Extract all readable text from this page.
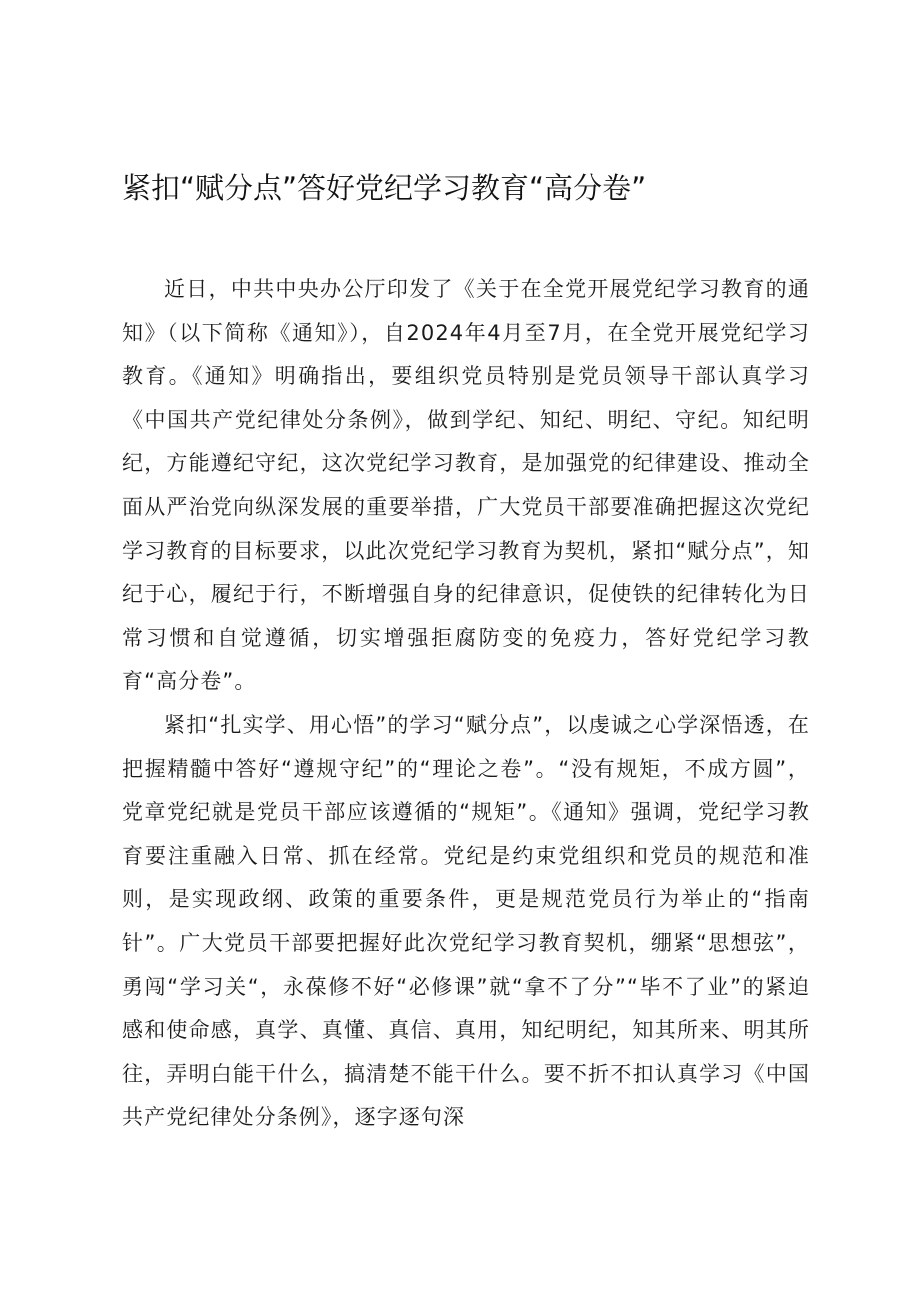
紧扣“赋分点”答好党纪学习教育“高分卷”

近日，中共中央办公厅印发了《关于在全党开展党纪学习教育的通知》（以下简称《通知》），自2024年4月至7月，在全党开展党纪学习教育。《通知》明确指出，要组织党员特别是党员领导干部认真学习《中国共产党纪律处分条例》，做到学纪、知纪、明纪、守纪。知纪明纪，方能遵纪守纪，这次党纪学习教育，是加强党的纪律建设、推动全面从严治党向纵深发展的重要举措，广大党员干部要准确把握这次党纪学习教育的目标要求，以此次党纪学习教育为契机，紧扣“赋分点”，知纪于心，履纪于行，不断增强自身的纪律意识，促使铁的纪律转化为日常习惯和自觉遵循，切实增强拒腐防变的免疫力，答好党纪学习教育“高分卷”。

紧扣“扎实学、用心悟”的学习“赋分点”，以虔诚之心学深悟透，在把握精髓中答好“遵规守纪”的“理论之卷”。“没有规矩，不成方圆”，党章党纪就是党员干部应该遵循的“规矩”。《通知》强调，党纪学习教育要注重融入日常、抓在经常。党纪是约束党组织和党员的规范和准则，是实现政纲、政策的重要条件，更是规范党员行为举止的“指南针”。广大党员干部要把握好此次党纪学习教育契机，绷紧“思想弦”，勇闯“学习关“，永葆修不好“必修课”就“拿不了分”“毕不了业”的紧迫感和使命感，真学、真懂、真信、真用，知纪明纪，知其所来、明其所往，弄明白能干什么，搞清楚不能干什么。要不折不扣认真学习《中国共产党纪律处分条例》，逐字逐句深
